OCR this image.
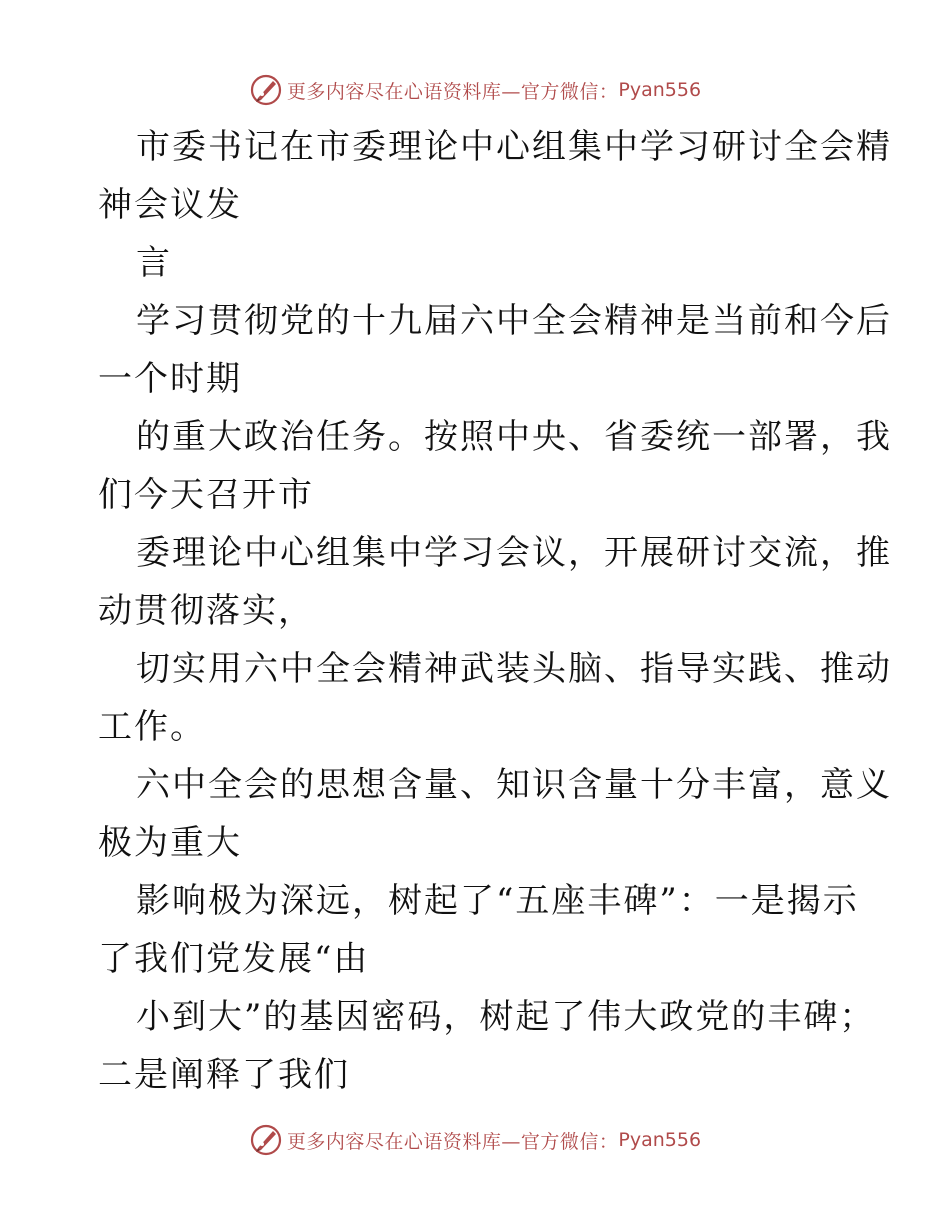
更多内容尽在心语资料库—官方微信： Pyan556
市委书记在市委理论中心组集中学习研讨全会精
神会议发
言
学习贯彻党的十九届六中全会精神是当前和今后
一个时期
的重大政治任务。按照中央、省委统一部署，我
们今天召开市
委理论中心组集中学习会议，开展研讨交流，推
动贯彻落实，
切实用六中全会精神武装头脑、指导实践、推动
工作。
六中全会的思想含量、知识含量十分丰富，意义
极为重大
影响极为深远，树起了“五座丰碑”：一是揭示
了我们党发展“由
小到大”的基因密码，树起了伟大政党的丰碑；
二是阐释了我们
更多内容尽在心语资料库—官方微信： Pyan556
